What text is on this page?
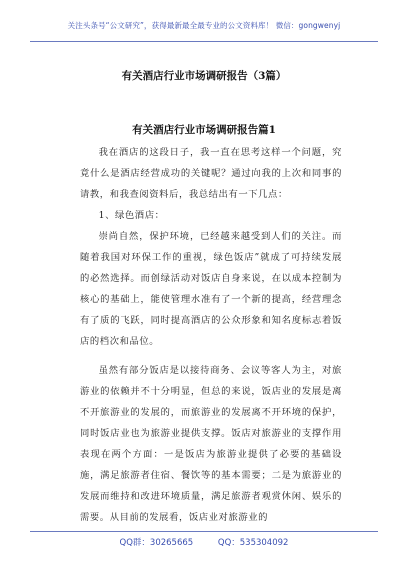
关注头条号“公文研究”，获得最新最全最专业的公文资料库！ 微信：gongwenyj
有关酒店行业市场调研报告（3篇）
有关酒店行业市场调研报告篇1

我在酒店的这段日子，我一直在思考这样一个问题，究竟什么是酒店经营成功的关键呢？通过向我的上次和同事的请教，和我查阅资料后，我总结出有一下几点：

1、绿色酒店：

崇尚自然，保护环境，已经越来越受到人们的关注。而随着我国对环保工作的重视，绿色饭店”就成了可持续发展的必然选择。而创绿活动对饭店自身来说，在以成本控制为核心的基础上，能使管理水准有了一个新的提高，经营理念有了质的飞跃，同时提高酒店的公众形象和知名度标志着饭店的档次和品位。

虽然有部分饭店是以接待商务、会议等客人为主，对旅游业的依赖并不十分明显，但总的来说，饭店业的发展是离不开旅游业的发展的，而旅游业的发展离不开环境的保护，同时饭店业也为旅游业提供支撑。饭店对旅游业的支撑作用表现在两个方面：一是饭店为旅游业提供了必要的基础设施，满足旅游者住宿、餐饮等的基本需要；二是为旅游业的发展而维持和改进环境质量，满足旅游者观赏休闲、娱乐的需要。从目前的发展看，饭店业对旅游业的

QQ群：30265665	QQ：535304092
